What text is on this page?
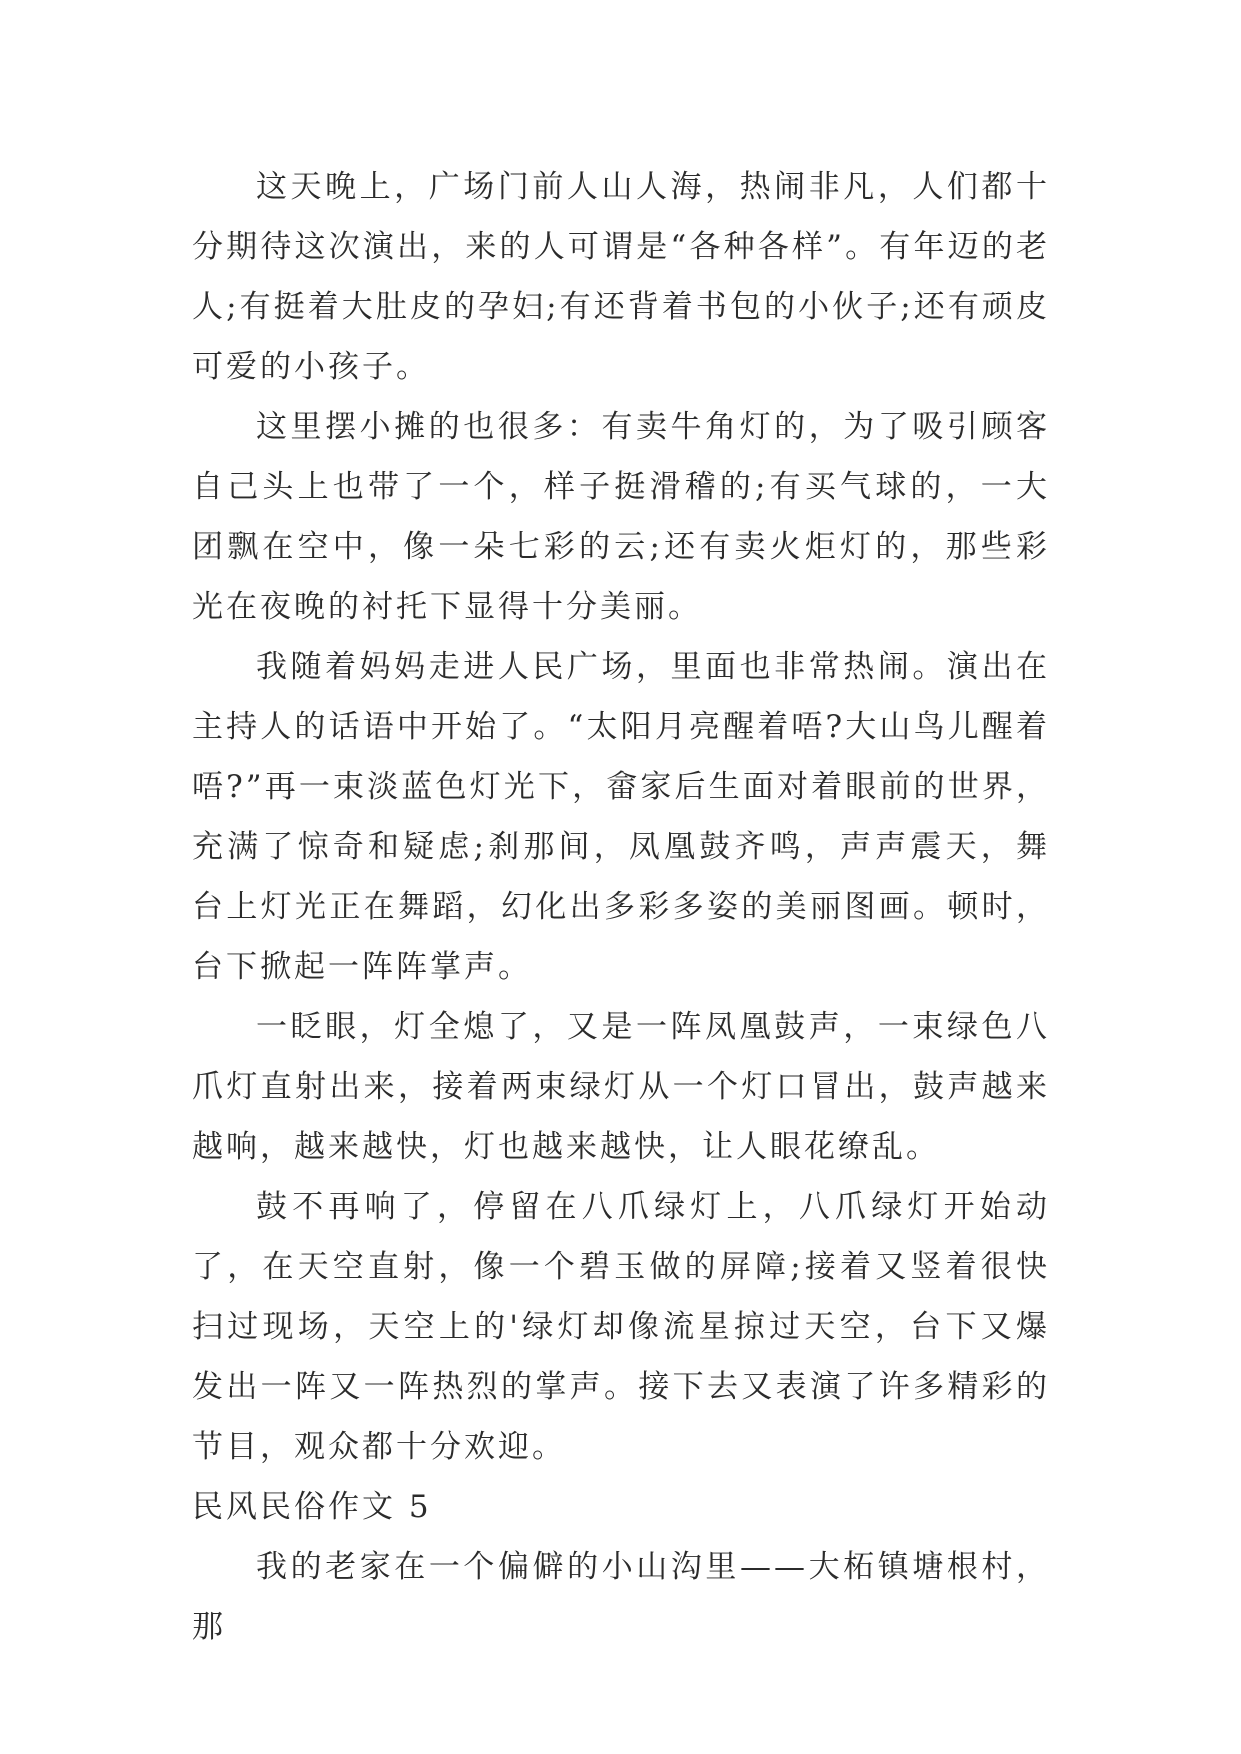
这天晚上，广场门前人山人海，热闹非凡，人们都十分期待这次演出，来的人可谓是“各种各样”。有年迈的老人;有挺着大肚皮的孕妇;有还背着书包的小伙子;还有顽皮可爱的小孩子。

这里摆小摊的也很多：有卖牛角灯的，为了吸引顾客自己头上也带了一个，样子挺滑稽的;有买气球的，一大团飘在空中，像一朵七彩的云;还有卖火炬灯的，那些彩光在夜晚的衬托下显得十分美丽。

我随着妈妈走进人民广场，里面也非常热闹。演出在主持人的话语中开始了。“太阳月亮醒着唔?大山鸟儿醒着唔?”再一束淡蓝色灯光下，畲家后生面对着眼前的世界，充满了惊奇和疑虑;刹那间，凤凰鼓齐鸣，声声震天，舞台上灯光正在舞蹈，幻化出多彩多姿的美丽图画。顿时，台下掀起一阵阵掌声。

一眨眼，灯全熄了，又是一阵凤凰鼓声，一束绿色八爪灯直射出来，接着两束绿灯从一个灯口冒出，鼓声越来越响，越来越快，灯也越来越快，让人眼花缭乱。

鼓不再响了，停留在八爪绿灯上，八爪绿灯开始动了，在天空直射，像一个碧玉做的屏障;接着又竖着很快扫过现场，天空上的'绿灯却像流星掠过天空，台下又爆发出一阵又一阵热烈的掌声。接下去又表演了许多精彩的节目，观众都十分欢迎。

民风民俗作文 5

我的老家在一个偏僻的小山沟里——大柘镇塘根村，那
